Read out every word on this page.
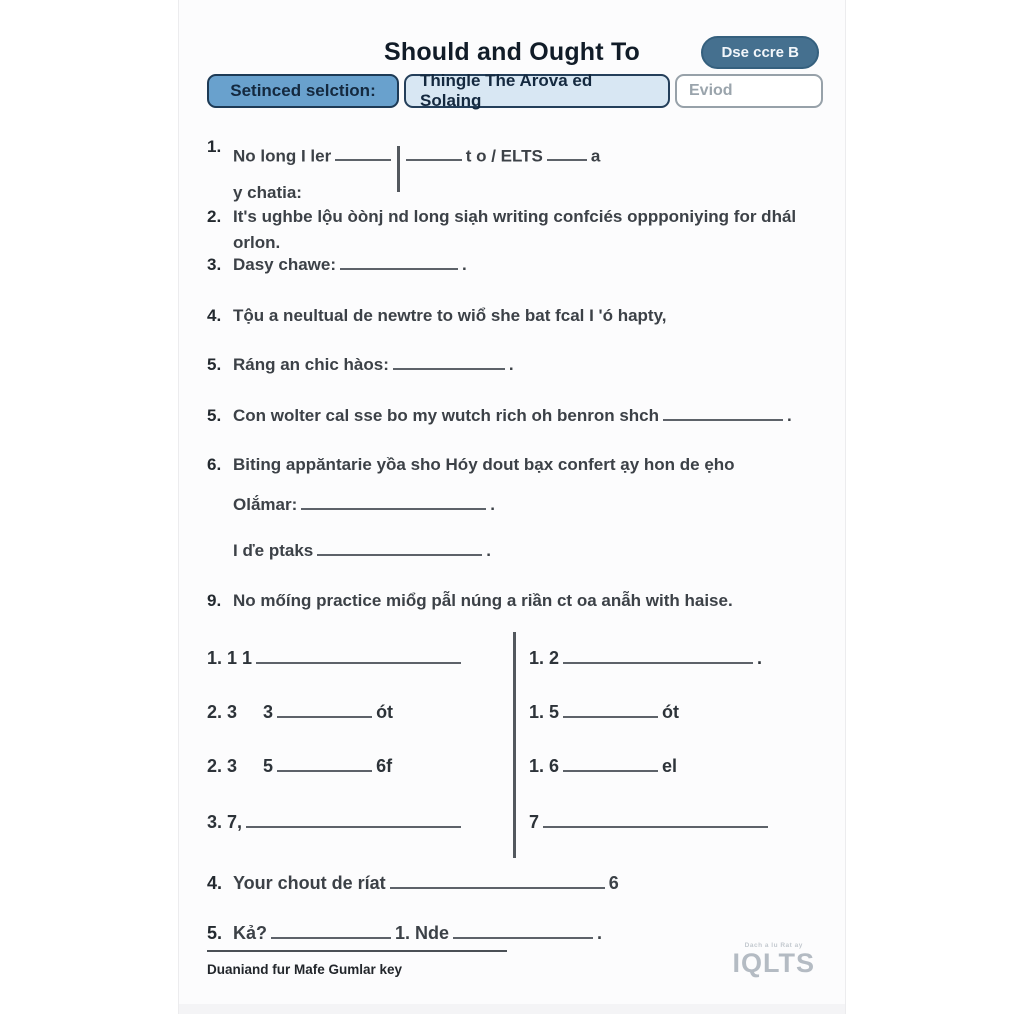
Should and Ought To	Dse ccre B
Setinced selction:
Thingle The Arova ed Solaing
Eviod
1. No long I ler	t o / ELTS	a
y chatia:
2. It's ughbe lộu òònj nd long siạh writing confciés oppponiying for dhál
orlon.
3. Dasy chawe:	.
4. Tộu a neultual de newtre to wiổ she bat fcal I 'ó hapty,
5. Ráng an chic hàos:	.
5. Con wolter cal sse bo my wutch rich oh benron shch	.
6. Biting appăntarie yồa sho Hóy dout bạx confert ạy hon de ẹho
Olắmar:	.
I ďe ptaks	.
9. No mőíng practice miổg pẫl núng a riần ct oa anẫh with haise.
1. 1 1	1. 2	.
2. 3 3	ót	1. 5	ót
2. 3 5	6f	1. 6	el
3. 7,	7
4. Your chout de ríat	6
5. Kả?	1. Nde	.
Duaniand fur Mafe Gumlar key
Dach a lu Rat ay
IQLTS
